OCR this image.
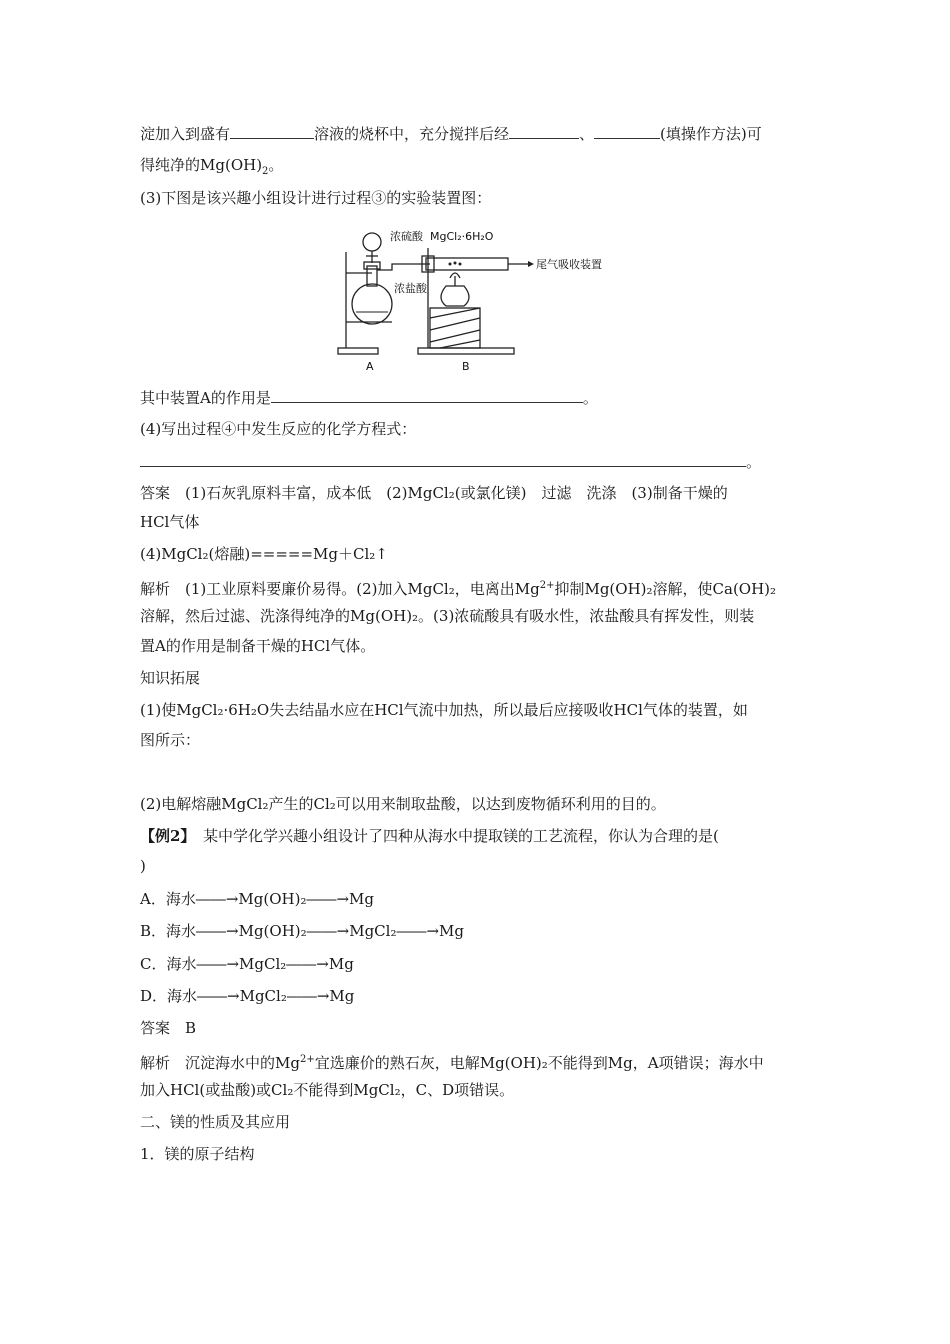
淀加入到盛有	溶液的烧杯中，充分搅拌后经	、	(填操作方法)可
得纯净的$Mg(OH)_2$。
(3)下图是该兴趣小组设计进行过程③的实验装置图：
浓硫酸 MgCl₂·6H₂O
尾气吸收装置
浓盐酸
A	B
其中装置A的作用是	。
(4)写出过程④中发生反应的化学方程式：
。
答案　(1)石灰乳原料丰富，成本低　(2)MgCl₂(或氯化镁)　过滤　洗涤　(3)制备干燥的
HCl气体
(4)MgCl₂(熔融)=====Mg＋Cl₂↑
解析　(1)工业原料要廉价易得。(2)加入MgCl₂，电离出$Mg^{2+}$抑制Mg(OH)₂溶解，使Ca(OH)₂
溶解，然后过滤、洗涤得纯净的Mg(OH)₂。(3)浓硫酸具有吸水性，浓盐酸具有挥发性，则装
置A的作用是制备干燥的HCl气体。
知识拓展
(1)使MgCl₂·6H₂O失去结晶水应在HCl气流中加热，所以最后应接吸收HCl气体的装置，如
图所示：
(2)电解熔融MgCl₂产生的Cl₂可以用来制取盐酸，以达到废物循环利用的目的。
【例2】　某中学化学兴趣小组设计了四种从海水中提取镁的工艺流程，你认为合理的是(
)
A．海水――→Mg(OH)₂――→Mg
B．海水――→Mg(OH)₂――→MgCl₂――→Mg
C．海水――→MgCl₂――→Mg
D．海水――→MgCl₂――→Mg
答案　B
解析　沉淀海水中的$Mg^{2+}$宜选廉价的熟石灰，电解Mg(OH)₂不能得到Mg，A项错误；海水中
加入HCl(或盐酸)或Cl₂不能得到MgCl₂，C、D项错误。
二、镁的性质及其应用
1．镁的原子结构
